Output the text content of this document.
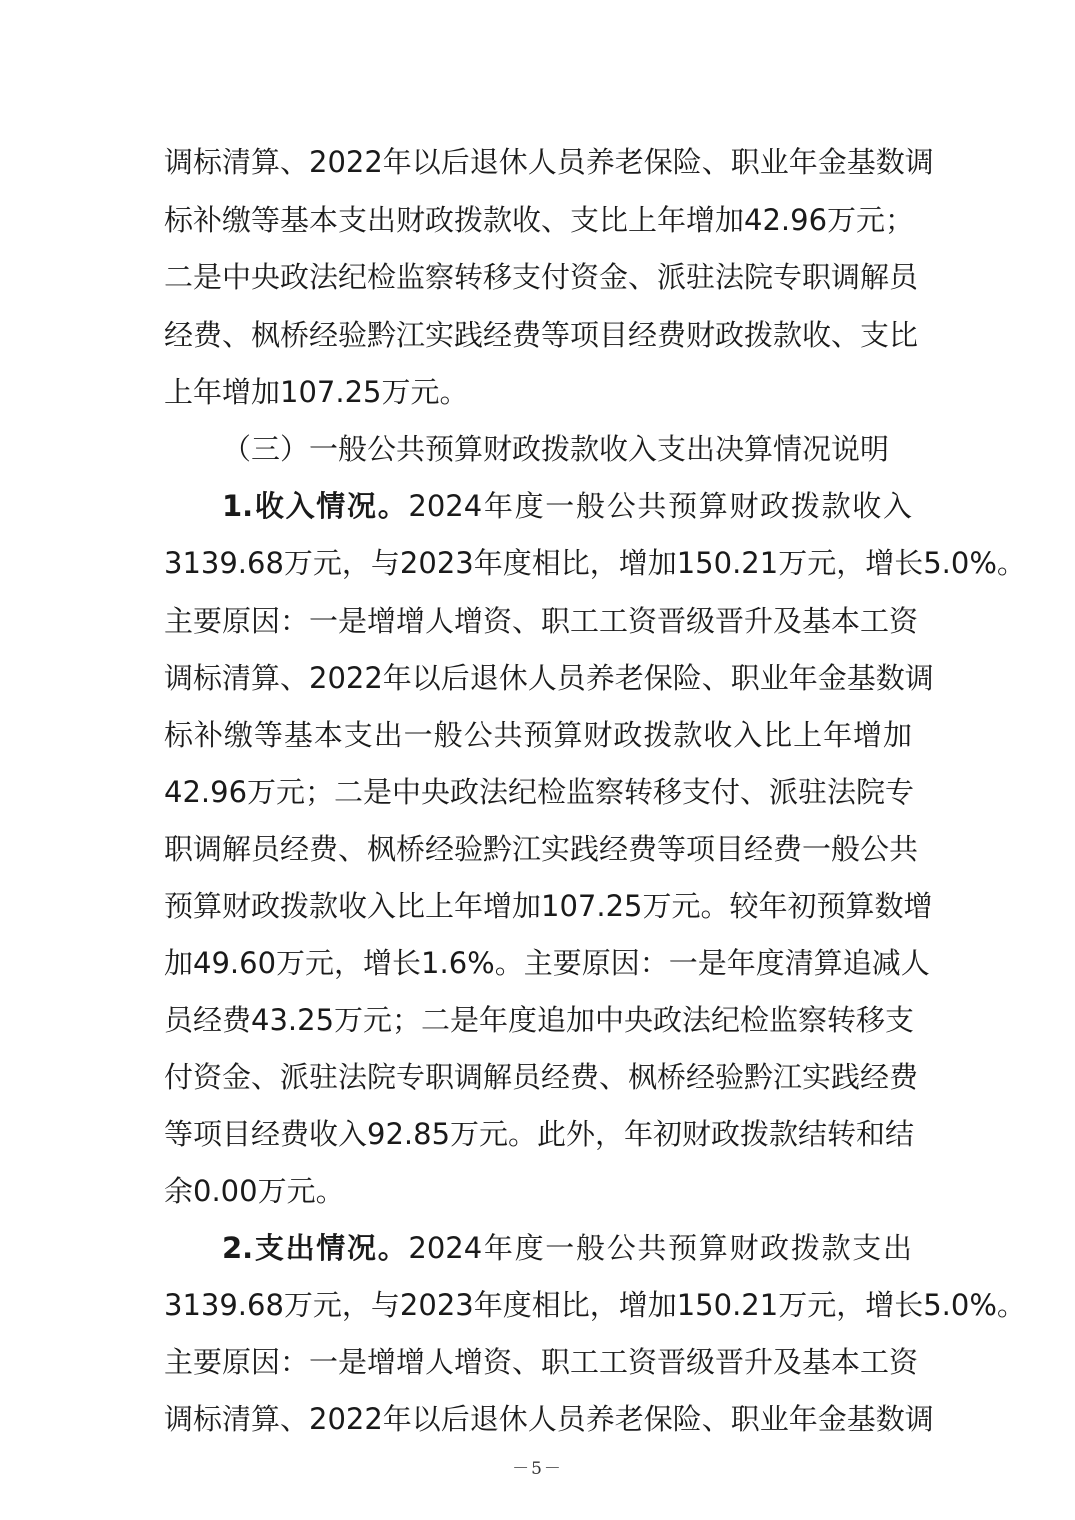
调标清算、2022年以后退休人员养老保险、职业年金基数调
标补缴等基本支出财政拨款收、支比上年增加42.96万元；
二是中央政法纪检监察转移支付资金、派驻法院专职调解员
经费、枫桥经验黔江实践经费等项目经费财政拨款收、支比
上年增加107.25万元。
（三）一般公共预算财政拨款收入支出决算情况说明
1.收入情况。2024年度一般公共预算财政拨款收入
3139.68万元，与2023年度相比，增加150.21万元，增长5.0%。
主要原因：一是增增人增资、职工工资晋级晋升及基本工资
调标清算、2022年以后退休人员养老保险、职业年金基数调
标补缴等基本支出一般公共预算财政拨款收入比上年增加
42.96万元；二是中央政法纪检监察转移支付、派驻法院专
职调解员经费、枫桥经验黔江实践经费等项目经费一般公共
预算财政拨款收入比上年增加107.25万元。较年初预算数增
加49.60万元，增长1.6%。主要原因：一是年度清算追减人
员经费43.25万元；二是年度追加中央政法纪检监察转移支
付资金、派驻法院专职调解员经费、枫桥经验黔江实践经费
等项目经费收入92.85万元。此外，年初财政拨款结转和结
余0.00万元。
2.支出情况。2024年度一般公共预算财政拨款支出
3139.68万元，与2023年度相比，增加150.21万元，增长5.0%。
主要原因：一是增增人增资、职工工资晋级晋升及基本工资
调标清算、2022年以后退休人员养老保险、职业年金基数调
－5－
